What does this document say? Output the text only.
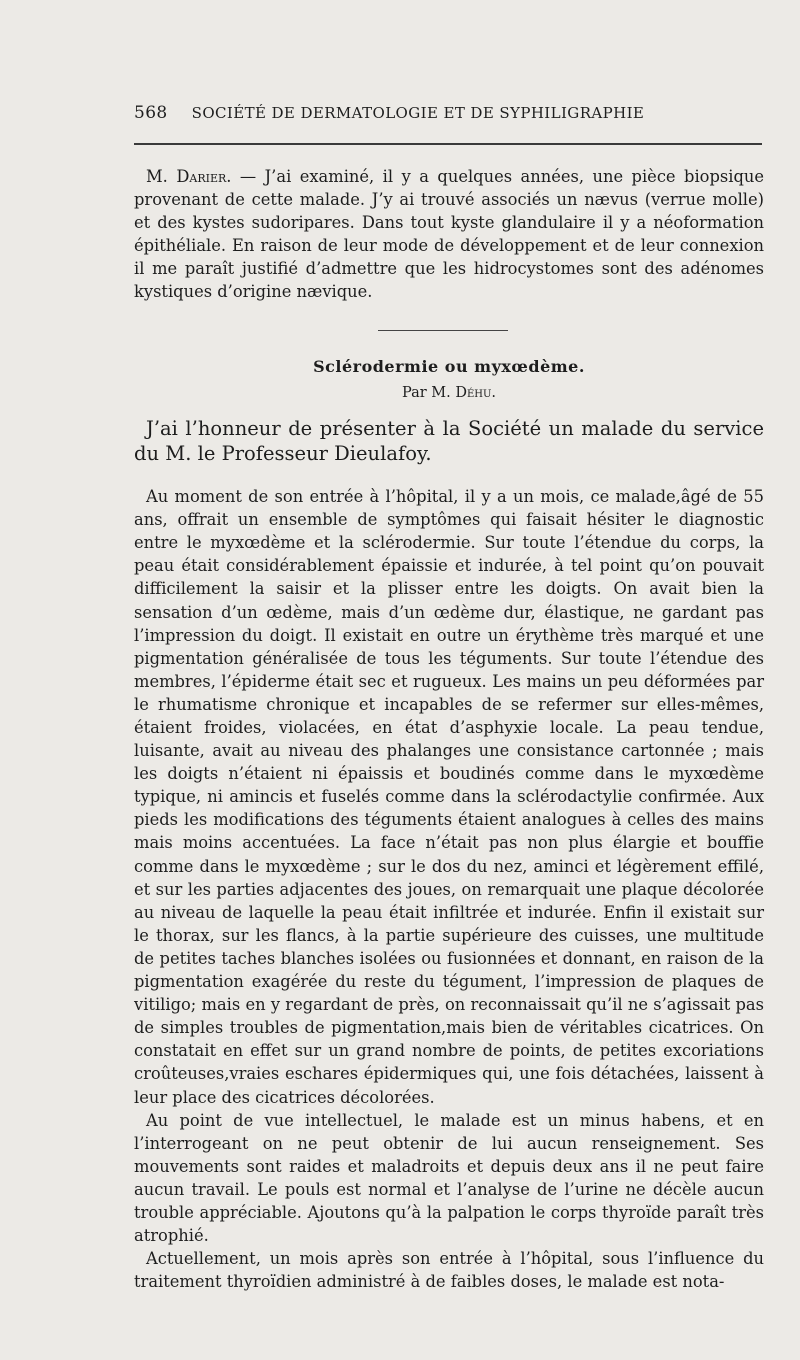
568 SOCIÉTÉ DE DERMATOLOGIE ET DE SYPHILIGRAPHIE

M. Darier. — J’ai examiné, il y a quelques années, une pièce biopsique provenant de cette malade. J’y ai trouvé associés un nævus (verrue molle) et des kystes sudoripares. Dans tout kyste glandulaire il y a néoformation épithéliale. En raison de leur mode de développement et de leur connexion il me paraît justifié d’admettre que les hidrocystomes sont des adénomes kystiques d’origine nævique.

Sclérodermie ou myxœdème.

Par M. Déhu.

J’ai l’honneur de présenter à la Société un malade du service du M. le Professeur Dieulafoy.

Au moment de son entrée à l’hôpital, il y a un mois, ce malade,âgé de 55 ans, offrait un ensemble de symptômes qui faisait hésiter le diagnostic entre le myxœdème et la sclérodermie. Sur toute l’étendue du corps, la peau était considérablement épaissie et indurée, à tel point qu’on pouvait difficilement la saisir et la plisser entre les doigts. On avait bien la sensation d’un œdème, mais d’un œdème dur, élastique, ne gardant pas l’impression du doigt. Il existait en outre un érythème très marqué et une pigmentation généralisée de tous les téguments. Sur toute l’étendue des membres, l’épiderme était sec et rugueux. Les mains un peu déformées par le rhumatisme chronique et incapables de se refermer sur elles-mêmes, étaient froides, violacées, en état d’asphyxie locale. La peau tendue, luisante, avait au niveau des phalanges une consistance cartonnée ; mais les doigts n’étaient ni épaissis et boudinés comme dans le myxœdème typique, ni amincis et fuselés comme dans la sclérodactylie confirmée. Aux pieds les modifications des téguments étaient analogues à celles des mains mais moins accentuées. La face n’était pas non plus élargie et bouffie comme dans le myxœdème ; sur le dos du nez, aminci et légèrement effilé, et sur les parties adjacentes des joues, on remarquait une plaque décolorée au niveau de laquelle la peau était infiltrée et indurée. Enfin il existait sur le thorax, sur les flancs, à la partie supérieure des cuisses, une multitude de petites taches blanches isolées ou fusionnées et donnant, en raison de la pigmentation exagérée du reste du tégument, l’impression de plaques de vitiligo; mais en y regardant de près, on reconnaissait qu’il ne s’agissait pas de simples troubles de pigmentation,mais bien de véritables cicatrices. On constatait en effet sur un grand nombre de points, de petites excoriations croûteuses,vraies eschares épidermiques qui, une fois détachées, laissent à leur place des cicatrices décolorées.

Au point de vue intellectuel, le malade est un minus habens, et en l’interrogeant on ne peut obtenir de lui aucun renseignement. Ses mouvements sont raides et maladroits et depuis deux ans il ne peut faire aucun travail. Le pouls est normal et l’analyse de l’urine ne décèle aucun trouble appréciable. Ajoutons qu’à la palpation le corps thyroïde paraît très atrophié.

Actuellement, un mois après son entrée à l’hôpital, sous l’influence du traitement thyroïdien administré à de faibles doses, le malade est nota-
